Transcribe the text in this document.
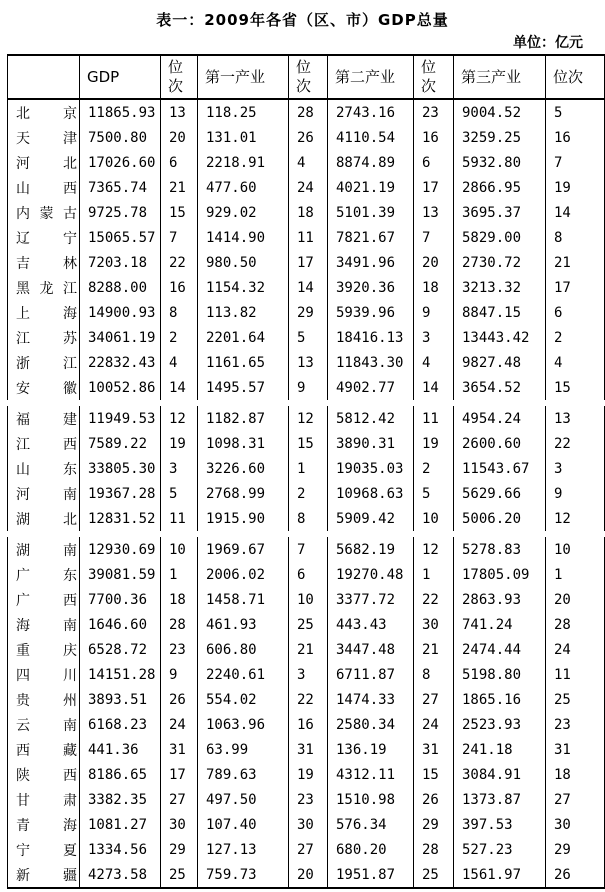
表一：2009年各省（区、市）GDP总量
单位：亿元
	GDP	位次	第一产业	位次	第二产业	位次	第三产业	位次
北京	11865.93	13	118.25	28	2743.16	23	9004.52	5
天津	7500.80	20	131.01	26	4110.54	16	3259.25	16
河北	17026.60	6	2218.91	4	8874.89	6	5932.80	7
山西	7365.74	21	477.60	24	4021.19	17	2866.95	19
内蒙古	9725.78	15	929.02	18	5101.39	13	3695.37	14
辽宁	15065.57	7	1414.90	11	7821.67	7	5829.00	8
吉林	7203.18	22	980.50	17	3491.96	20	2730.72	21
黑龙江	8288.00	16	1154.32	14	3920.36	18	3213.32	17
上海	14900.93	8	113.82	29	5939.96	9	8847.15	6
江苏	34061.19	2	2201.64	5	18416.13	3	13443.42	2
浙江	22832.43	4	1161.65	13	11843.30	4	9827.48	4
安徽	10052.86	14	1495.57	9	4902.77	14	3654.52	15
福建	11949.53	12	1182.87	12	5812.42	11	4954.24	13
江西	7589.22	19	1098.31	15	3890.31	19	2600.60	22
山东	33805.30	3	3226.60	1	19035.03	2	11543.67	3
河南	19367.28	5	2768.99	2	10968.63	5	5629.66	9
湖北	12831.52	11	1915.90	8	5909.42	10	5006.20	12
湖南	12930.69	10	1969.67	7	5682.19	12	5278.83	10
广东	39081.59	1	2006.02	6	19270.48	1	17805.09	1
广西	7700.36	18	1458.71	10	3377.72	22	2863.93	20
海南	1646.60	28	461.93	25	443.43	30	741.24	28
重庆	6528.72	23	606.80	21	3447.48	21	2474.44	24
四川	14151.28	9	2240.61	3	6711.87	8	5198.80	11
贵州	3893.51	26	554.02	22	1474.33	27	1865.16	25
云南	6168.23	24	1063.96	16	2580.34	24	2523.93	23
西藏	441.36	31	63.99	31	136.19	31	241.18	31
陕西	8186.65	17	789.63	19	4312.11	15	3084.91	18
甘肃	3382.35	27	497.50	23	1510.98	26	1373.87	27
青海	1081.27	30	107.40	30	576.34	29	397.53	30
宁夏	1334.56	29	127.13	27	680.20	28	527.23	29
新疆	4273.58	25	759.73	20	1951.87	25	1561.97	26
